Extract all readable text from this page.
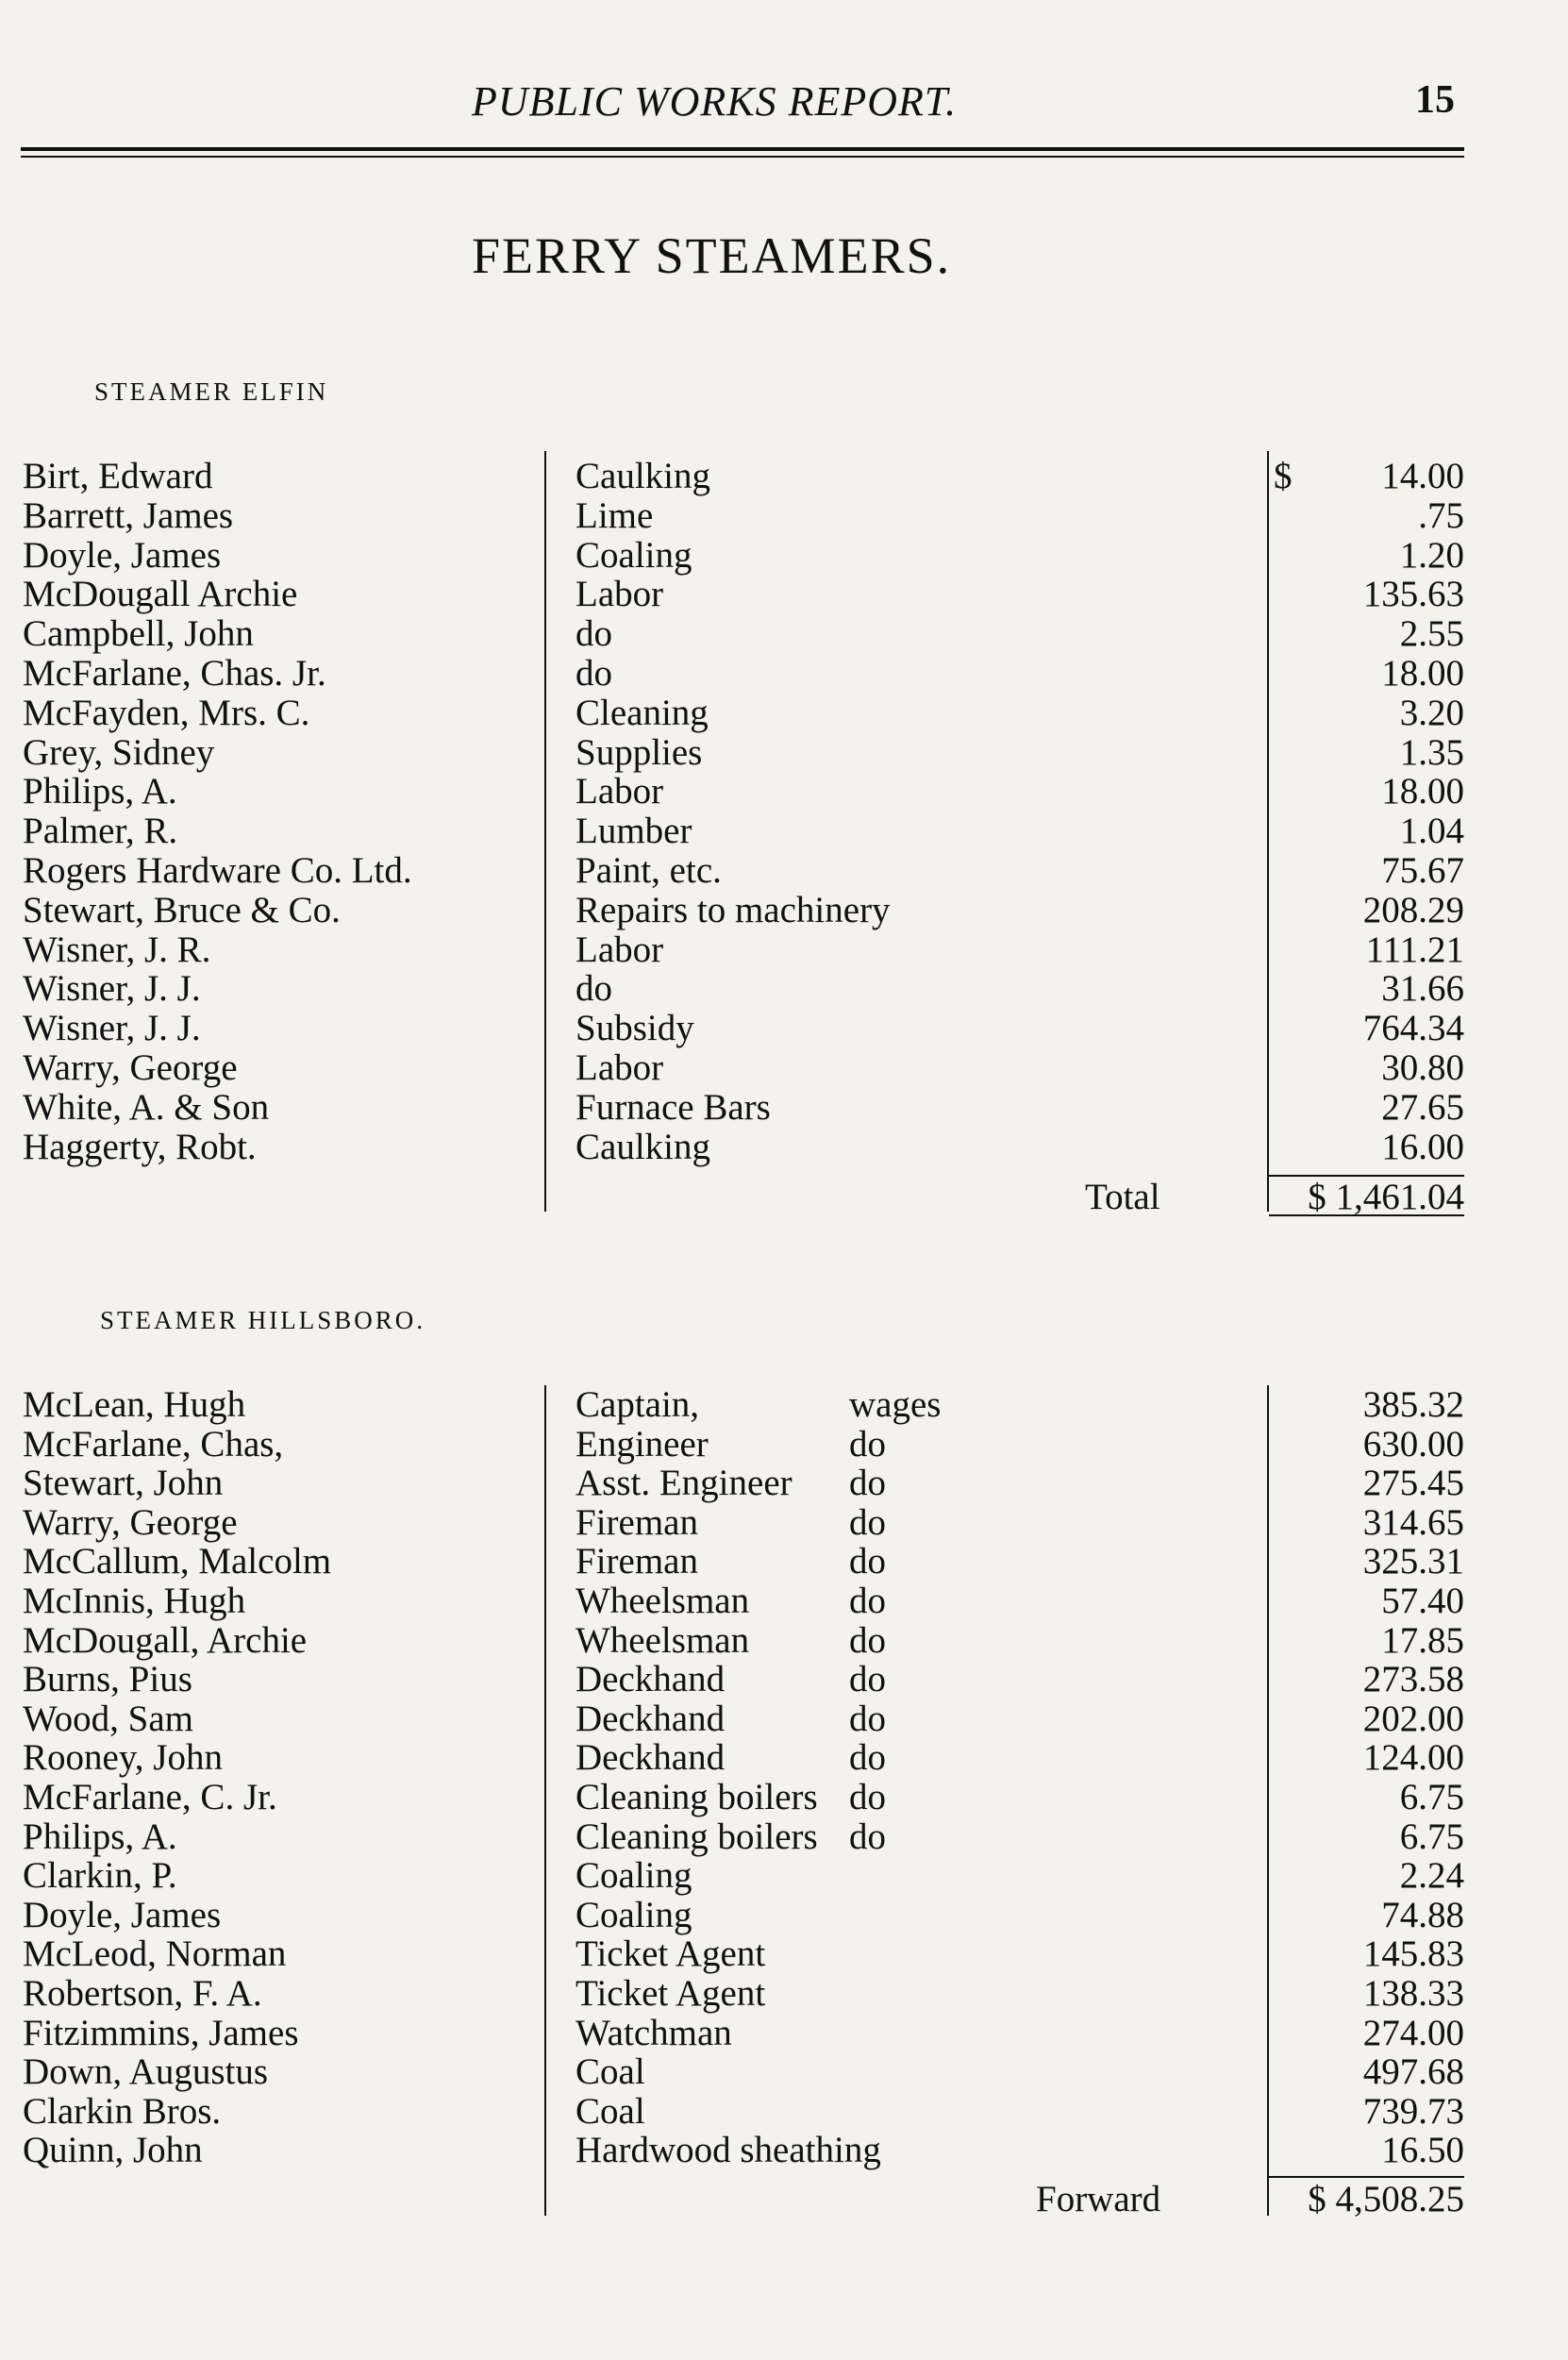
PUBLIC WORKS REPORT.	15
FERRY STEAMERS.
STEAMER ELFIN
Birt, Edward	Caulking	14.00
Barrett, James	Lime	.75
Doyle, James	Coaling	1.20
McDougall Archie	Labor	135.63
Campbell, John	do	2.55
McFarlane, Chas. Jr.	do	18.00
McFayden, Mrs. C.	Cleaning	3.20
Grey, Sidney	Supplies	1.35
Philips, A.	Labor	18.00
Palmer, R.	Lumber	1.04
Rogers Hardware Co. Ltd.	Paint, etc.	75.67
Stewart, Bruce & Co.	Repairs to machinery	208.29
Wisner, J. R.	Labor	111.21
Wisner, J. J.	do	31.66
Wisner, J. J.	Subsidy	764.34
Warry, George	Labor	30.80
White, A. & Son	Furnace Bars	27.65
Haggerty, Robt.	Caulking	16.00
$
Total	$ 1,461.04
STEAMER HILLSBORO.
McLean, Hugh	Captain,	wages	385.32
McFarlane, Chas,	Engineer	do	630.00
Stewart, John	Asst. Engineer do	275.45
Warry, George	Fireman	do	314.65
McCallum, Malcolm	Fireman	do	325.31
McInnis, Hugh	Wheelsman	do	57.40
McDougall, Archie	Wheelsman	do	17.85
Burns, Pius	Deckhand	do	273.58
Wood, Sam	Deckhand	do	202.00
Rooney, John	Deckhand	do	124.00
McFarlane, C. Jr.	Cleaning boilers do	6.75
Philips, A.	Cleaning boilers do	6.75
Clarkin, P.	Coaling	2.24
Doyle, James	Coaling	74.88
McLeod, Norman	Ticket Agent	145.83
Robertson, F. A.	Ticket Agent	138.33
Fitzimmins, James	Watchman	274.00
Down, Augustus	Coal	497.68
Clarkin Bros.	Coal	739.73
Quinn, John	Hardwood sheathing	16.50
Forward	$ 4,508.25
